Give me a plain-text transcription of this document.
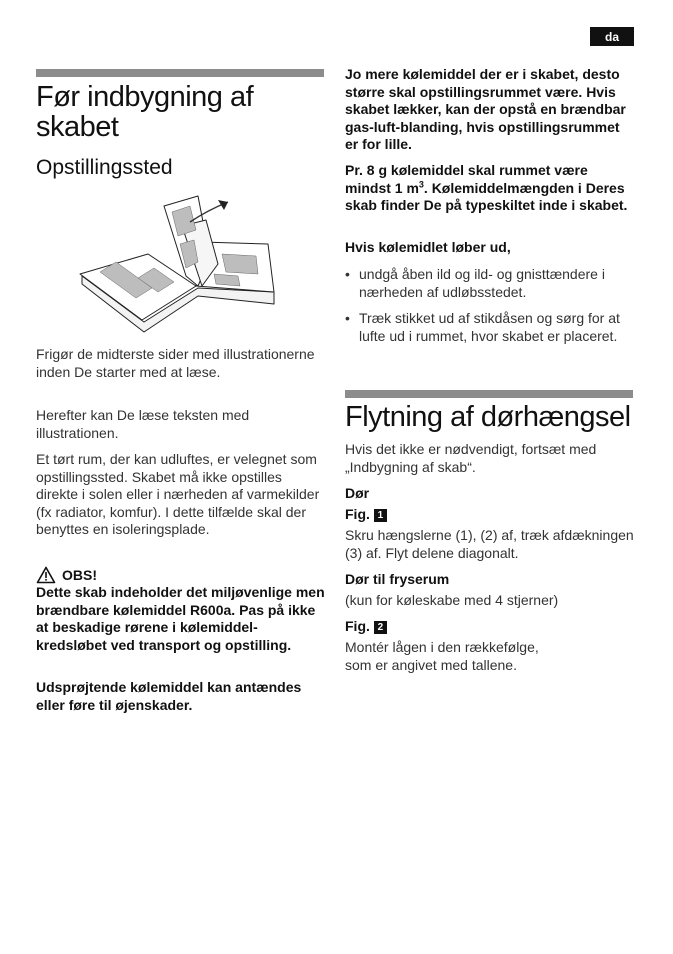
da
Før indbygning af skabet
Opstillingssted

Frigør de midterste sider med illustrationerne inden De starter med at læse.

Herefter kan De læse teksten med illustrationen.

Et tørt rum, der kan udluftes, er velegnet som opstillingssted. Skabet må ikke opstilles direkte i solen eller i nærheden af varmekilder (fx radiator, komfur). I dette tilfælde skal der benyttes en isoleringsplade.

OBS!

Dette skab indeholder det miljøvenlige men brændbare kølemiddel R600a. Pas på ikke at beskadige rørene i kølemiddel-kredsløbet ved transport og opstilling.

Udsprøjtende kølemiddel kan antændes eller føre til øjenskader.

Jo mere kølemiddel der er i skabet, desto større skal opstillingsrummet være. Hvis skabet lækker, kan der opstå en brændbar gas-luft-blanding, hvis opstillingsrummet er for lille.

Pr. 8 g kølemiddel skal rummet være mindst 1 $m^3$. Kølemiddelmængden i Deres skab finder De på typeskiltet inde i skabet.

Hvis kølemidlet løber ud,

• undgå åben ild og ild- og gnisttændere i nærheden af udløbsstedet.
• Træk stikket ud af stikdåsen og sørg for at lufte ud i rummet, hvor skabet er placeret.
Flytning af dørhængsel

Hvis det ikke er nødvendigt, fortsæt med „Indbygning af skab“.

Dør

Fig. 1

Skru hængslerne (1), (2) af, træk afdækningen (3) af. Flyt delene diagonalt.

Dør til fryserum

(kun for køleskabe med 4 stjerner)

Fig. 2

Montér lågen i den rækkefølge, som er angivet med tallene.
